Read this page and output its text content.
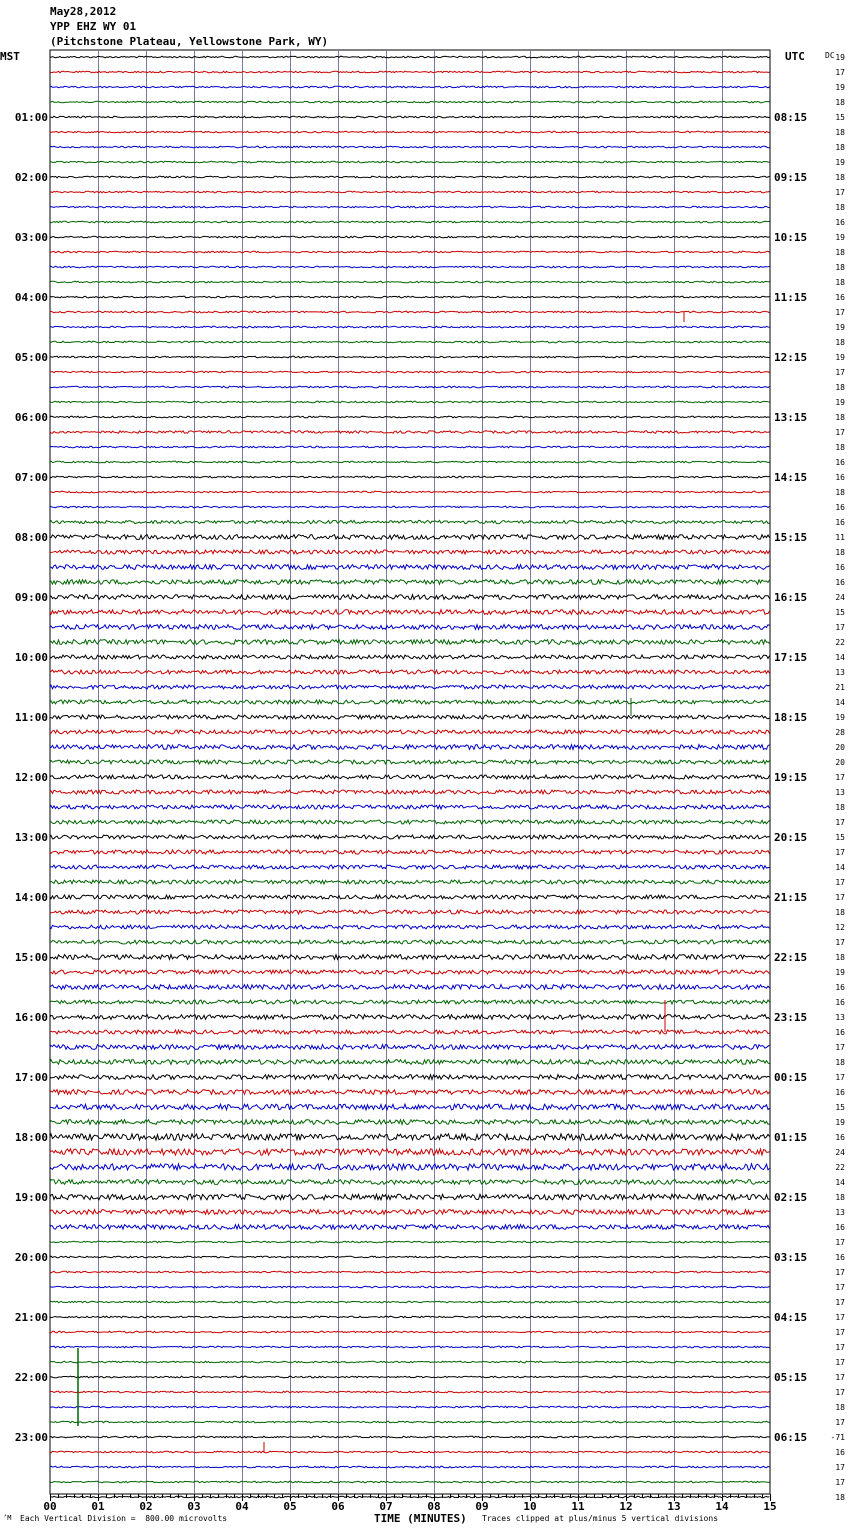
19
17
19
18
15
18
18
19
18
17
18
16
19
18
18
18
16
17
19
18
19
17
18
19
18
17
18
16
16
18
16
16
11
18
16
16
24
15
17
22
14
13
21
14
19
28
20
20
17
13
18
17
15
17
14
17
17
18
12
17
18
19
16
16
13
16
17
18
17
16
15
19
16
24
22
14
18
13
16
17
16
17
17
17
17
17
17
17
17
17
18
17
-71
16
17
17
18
DC
01:00
02:00
03:00
04:00
05:00
06:00
07:00
08:00
09:00
10:00
11:00
12:00
13:00
14:00
15:00
16:00
17:00
18:00
19:00
20:00
21:00
22:00
23:00
08:15
09:15
10:15
11:15
12:15
13:15
14:15
15:15
16:15
17:15
18:15
19:15
20:15
21:15
22:15
23:15
00:15
01:15
02:15
03:15
04:15
05:15
06:15
00	01	02	03	04	05	06	07	08	09	10	11	12	13	14	15
May28,2012
YPP EHZ WY 01
(Pitchstone Plateau, Yellowstone Park, WY)
MST	UTC
’M Each Vertical Division =  800.00 microvolts	TIME (MINUTES) Traces clipped at plus/minus 5 vertical divisions
